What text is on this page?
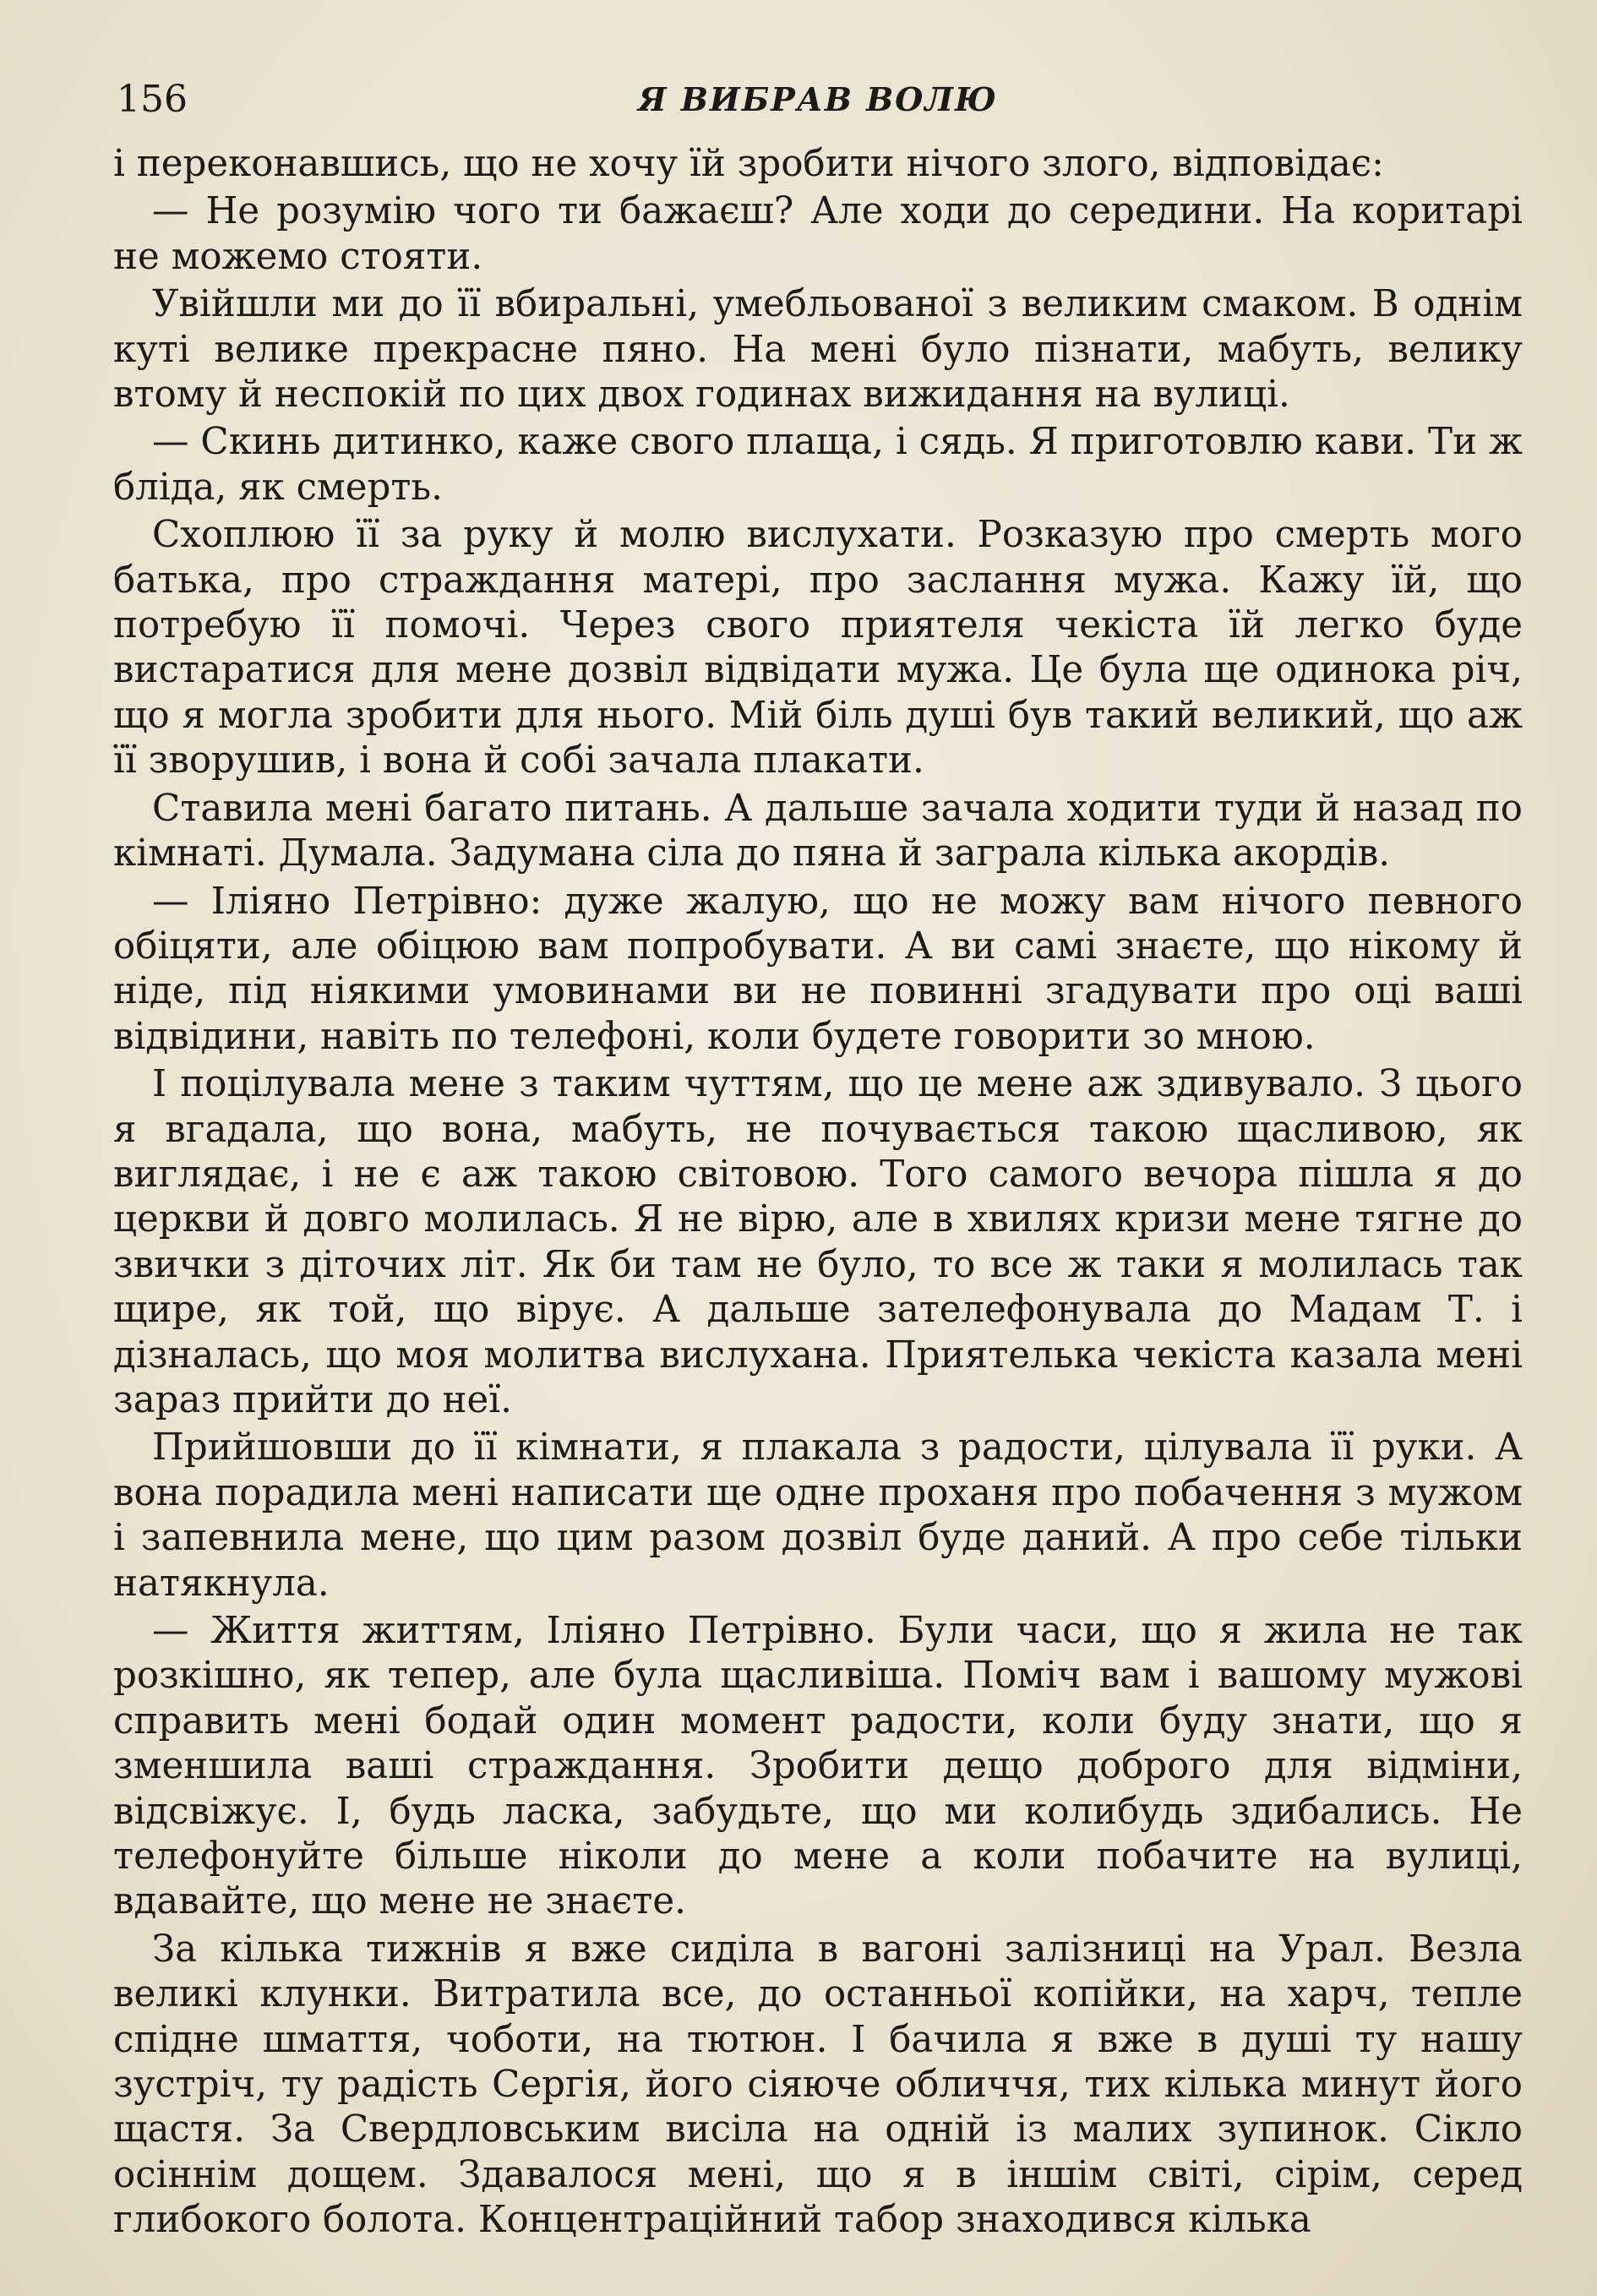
156	Я ВИБРАВ ВОЛЮ

і переконавшись, що не хочу їй зробити нічого злого, відповідає:

— Не розумію чого ти бажаєш? Але ходи до середини. На коритарі не можемо стояти.

Увійшли ми до її вбиральні, умебльованої з великим смаком. В однім куті велике прекрасне пяно. На мені було пізнати, мабуть, велику втому й неспокій по цих двох годинах вижидання на вулиці.

— Скинь дитинко, каже свого плаща, і сядь. Я приготовлю кави. Ти ж бліда, як смерть.

Схоплюю її за руку й молю вислухати. Розказую про смерть мого батька, про страждання матері, про заслання мужа. Кажу їй, що потребую її помочі. Через свого приятеля чекіста їй легко буде вистаратися для мене дозвіл відвідати мужа. Це була ще одинока річ, що я могла зробити для нього. Мій біль душі був такий великий, що аж її зворушив, і вона й собі зачала плакати.

Ставила мені багато питань. А дальше зачала ходити туди й назад по кімнаті. Думала. Задумана сіла до пяна й заграла кілька акордів.

— Іліяно Петрівно: дуже жалую, що не можу вам нічого певного обіцяти, але обіцюю вам попробувати. А ви самі знаєте, що нікому й ніде, під ніякими умовинами ви не повинні згадувати про оці ваші відвідини, навіть по телефоні, коли будете говорити зо мною.

І поцілувала мене з таким чуттям, що це мене аж здивувало. З цього я вгадала, що вона, мабуть, не почувається такою щасливою, як виглядає, і не є аж такою світовою. Того самого вечора пішла я до церкви й довго молилась. Я не вірю, але в хвилях кризи мене тягне до звички з діточих літ. Як би там не було, то все ж таки я молилась так щире, як той, що вірує. А дальше зателефонувала до Мадам Т. і дізналась, що моя молитва вислухана. Приятелька чекіста казала мені зараз прийти до неї.

Прийшовши до її кімнати, я плакала з радости, цілувала її руки. А вона порадила мені написати ще одне проханя про побачення з мужом і запевнила мене, що цим разом дозвіл буде даний. А про себе тільки натякнула.

— Життя життям, Іліяно Петрівно. Були часи, що я жила не так розкішно, як тепер, але була щасливіша. Поміч вам і вашому мужові справить мені бодай один момент радости, коли буду знати, що я зменшила ваші страждання. Зробити дещо доброго для відміни, відсвіжує. І, будь ласка, забудьте, що ми колибудь здибались. Не телефонуйте більше ніколи до мене а коли побачите на вулиці, вдавайте, що мене не знаєте.

За кілька тижнів я вже сиділа в вагоні залізниці на Урал. Везла великі клунки. Витратила все, до останньої копійки, на харч, тепле спідне шмаття, чоботи, на тютюн. І бачила я вже в душі ту нашу зустріч, ту радість Сергія, його сіяюче обличчя, тих кілька минут його щастя. За Свердловським висіла на одній із малих зупинок. Сікло осіннім дощем. Здавалося мені, що я в іншім світі, сірім, серед глибокого болота. Концентраційний табор знаходився кілька
